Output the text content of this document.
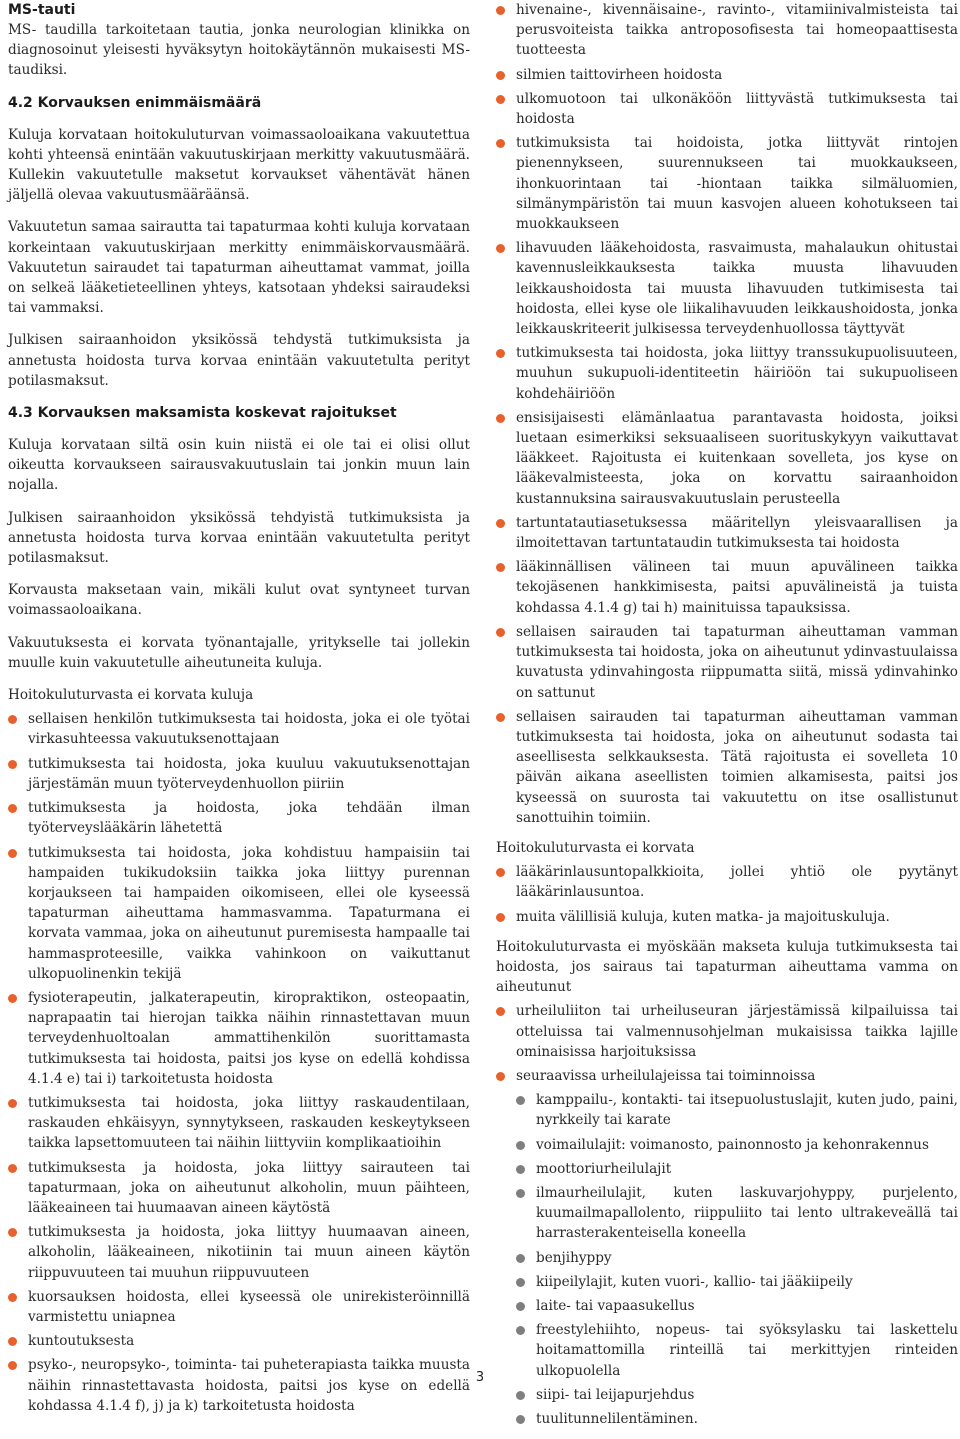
MS-tauti

MS- taudilla tarkoitetaan tautia, jonka neurologian klinikka on diagnosoinut yleisesti hyväksytyn hoitokäytännön mukaisesti MS-taudiksi.

4.2 Korvauksen enimmäismäärä

Kuluja korvataan hoitokuluturvan voimassaoloaikana vakuutettua kohti yhteensä enintään vakuutuskirjaan merkitty vakuutusmäärä. Kullekin vakuutetulle maksetut korvaukset vähentävät hänen jäljellä olevaa vakuutusmääräänsä.

Vakuutetun samaa sairautta tai tapaturmaa kohti kuluja korvataan korkeintaan vakuutuskirjaan merkitty enimmäiskorvausmäärä. Vakuutetun sairaudet tai tapaturman aiheuttamat vammat, joilla on selkeä lääketieteellinen yhteys, katsotaan yhdeksi sairaudeksi tai vammaksi.

Julkisen sairaanhoidon yksikössä tehdystä tutkimuksista ja annetusta hoidosta turva korvaa enintään vakuutetulta perityt potilasmaksut.

4.3 Korvauksen maksamista koskevat rajoitukset

Kuluja korvataan siltä osin kuin niistä ei ole tai ei olisi ollut oikeutta korvaukseen sairausvakuutuslain tai jonkin muun lain nojalla.

Julkisen sairaanhoidon yksikössä tehdyistä tutkimuksista ja annetusta hoidosta turva korvaa enintään vakuutetulta perityt potilasmaksut.

Korvausta maksetaan vain, mikäli kulut ovat syntyneet turvan voimassaoloaikana.

Vakuutuksesta ei korvata työnantajalle, yritykselle tai jollekin muulle kuin vakuutetulle aiheutuneita kuluja.

Hoitokuluturvasta ei korvata kuluja

sellaisen henkilön tutkimuksesta tai hoidosta, joka ei ole työtai virkasuhteessa vakuutuksenottajaan
tutkimuksesta tai hoidosta, joka kuuluu vakuutuksenottajan järjestämän muun työterveydenhuollon piiriin
tutkimuksesta ja hoidosta, joka tehdään ilman työterveyslääkärin lähetettä
tutkimuksesta tai hoidosta, joka kohdistuu hampaisiin tai hampaiden tukikudoksiin taikka joka liittyy purennan korjaukseen tai hampaiden oikomiseen, ellei ole kyseessä tapaturman aiheuttama hammasvamma. Tapaturmana ei korvata vammaa, joka on aiheutunut puremisesta hampaalle tai hammasproteesille, vaikka vahinkoon on vaikuttanut ulkopuolinenkin tekijä
fysioterapeutin, jalkaterapeutin, kiropraktikon, osteopaatin, naprapaatin tai hierojan taikka näihin rinnastettavan muun terveydenhuoltoalan ammattihenkilön suorittamasta tutkimuksesta tai hoidosta, paitsi jos kyse on edellä kohdissa 4.1.4 e) tai i) tarkoitetusta hoidosta
tutkimuksesta tai hoidosta, joka liittyy raskaudentilaan, raskauden ehkäisyyn, synnytykseen, raskauden keskeytykseen taikka lapsettomuuteen tai näihin liittyviin komplikaatioihin
tutkimuksesta ja hoidosta, joka liittyy sairauteen tai tapaturmaan, joka on aiheutunut alkoholin, muun päihteen, lääkeaineen tai huumaavan aineen käytöstä
tutkimuksesta ja hoidosta, joka liittyy huumaavan aineen, alkoholin, lääkeaineen, nikotiinin tai muun aineen käytön riippuvuuteen tai muuhun riippuvuuteen
kuorsauksen hoidosta, ellei kyseessä ole unirekisteröinnillä varmistettu uniapnea
kuntoutuksesta
psyko-, neuropsyko-, toiminta- tai puheterapiasta taikka muusta näihin rinnastettavasta hoidosta, paitsi jos kyse on edellä kohdassa 4.1.4 f), j) ja k) tarkoitetusta hoidosta
hivenaine-, kivennäisaine-, ravinto-, vitamiinivalmisteista tai perusvoiteista taikka antroposofisesta tai homeopaattisesta tuotteesta
silmien taittovirheen hoidosta
ulkomuotoon tai ulkonäköön liittyvästä tutkimuksesta tai hoidosta
tutkimuksista tai hoidoista, jotka liittyvät rintojen pienennykseen, suurennukseen tai muokkaukseen, ihonkuorintaan tai -hiontaan taikka silmäluomien, silmänympäristön tai muun kasvojen alueen kohotukseen tai muokkaukseen
lihavuuden lääkehoidosta, rasvaimusta, mahalaukun ohitustai kavennusleikkauksesta taikka muusta lihavuuden leikkaushoidosta tai muusta lihavuuden tutkimisesta tai hoidosta, ellei kyse ole liikalihavuuden leikkaushoidosta, jonka leikkauskriteerit julkisessa terveydenhuollossa täyttyvät
tutkimuksesta tai hoidosta, joka liittyy transsukupuolisuuteen, muuhun sukupuoli-identiteetin häiriöön tai sukupuoliseen kohdehäiriöön
ensisijaisesti elämänlaatua parantavasta hoidosta, joiksi luetaan esimerkiksi seksuaaliseen suorituskykyyn vaikuttavat lääkkeet. Rajoitusta ei kuitenkaan sovelleta, jos kyse on lääkevalmisteesta, joka on korvattu sairaanhoidon kustannuksina sairausvakuutuslain perusteella
tartuntatautiasetuksessa määritellyn yleisvaarallisen ja ilmoitettavan tartuntataudin tutkimuksesta tai hoidosta
lääkinnällisen välineen tai muun apuvälineen taikka tekojäsenen hankkimisesta, paitsi apuvälineistä ja tuista kohdassa 4.1.4 g) tai h) mainituissa tapauksissa.
sellaisen sairauden tai tapaturman aiheuttaman vamman tutkimuksesta tai hoidosta, joka on aiheutunut ydinvastuulaissa kuvatusta ydinvahingosta riippumatta siitä, missä ydinvahinko on sattunut
sellaisen sairauden tai tapaturman aiheuttaman vamman tutkimuksesta tai hoidosta, joka on aiheutunut sodasta tai aseellisesta selkkauksesta. Tätä rajoitusta ei sovelleta 10 päivän aikana aseellisten toimien alkamisesta, paitsi jos kyseessä on suurosta tai vakuutettu on itse osallistunut sanottuihin toimiin.

Hoitokuluturvasta ei korvata

lääkärinlausuntopalkkioita, jollei yhtiö ole pyytänyt lääkärinlausuntoa.
muita välillisiä kuluja, kuten matka- ja majoituskuluja.

Hoitokuluturvasta ei myöskään makseta kuluja tutkimuksesta tai hoidosta, jos sairaus tai tapaturman aiheuttama vamma on aiheutunut

urheiluliiton tai urheiluseuran järjestämissä kilpailuissa tai otteluissa tai valmennusohjelman mukaisissa taikka lajille ominaisissa harjoituksissa
seuraavissa urheilulajeissa tai toiminnoissa
kamppailu-, kontakti- tai itsepuolustuslajit, kuten judo, paini, nyrkkeily tai karate
voimailulajit: voimanosto, painonnosto ja kehonrakennus
moottoriurheilulajit
ilmaurheilulajit, kuten laskuvarjohyppy, purjelento, kuumailmapallolento, riippuliito tai lento ultrakeveällä tai harrasterakenteisella koneella
benjihyppy
kiipeilylajit, kuten vuori-, kallio- tai jääkiipeily
laite- tai vapaasukellus
freestylehiihto, nopeus- tai syöksylasku tai laskettelu hoitamattomilla rinteillä tai merkittyjen rinteiden ulkopuolella
siipi- tai leijapurjehdus
tuulitunnelilentäminen.
3
